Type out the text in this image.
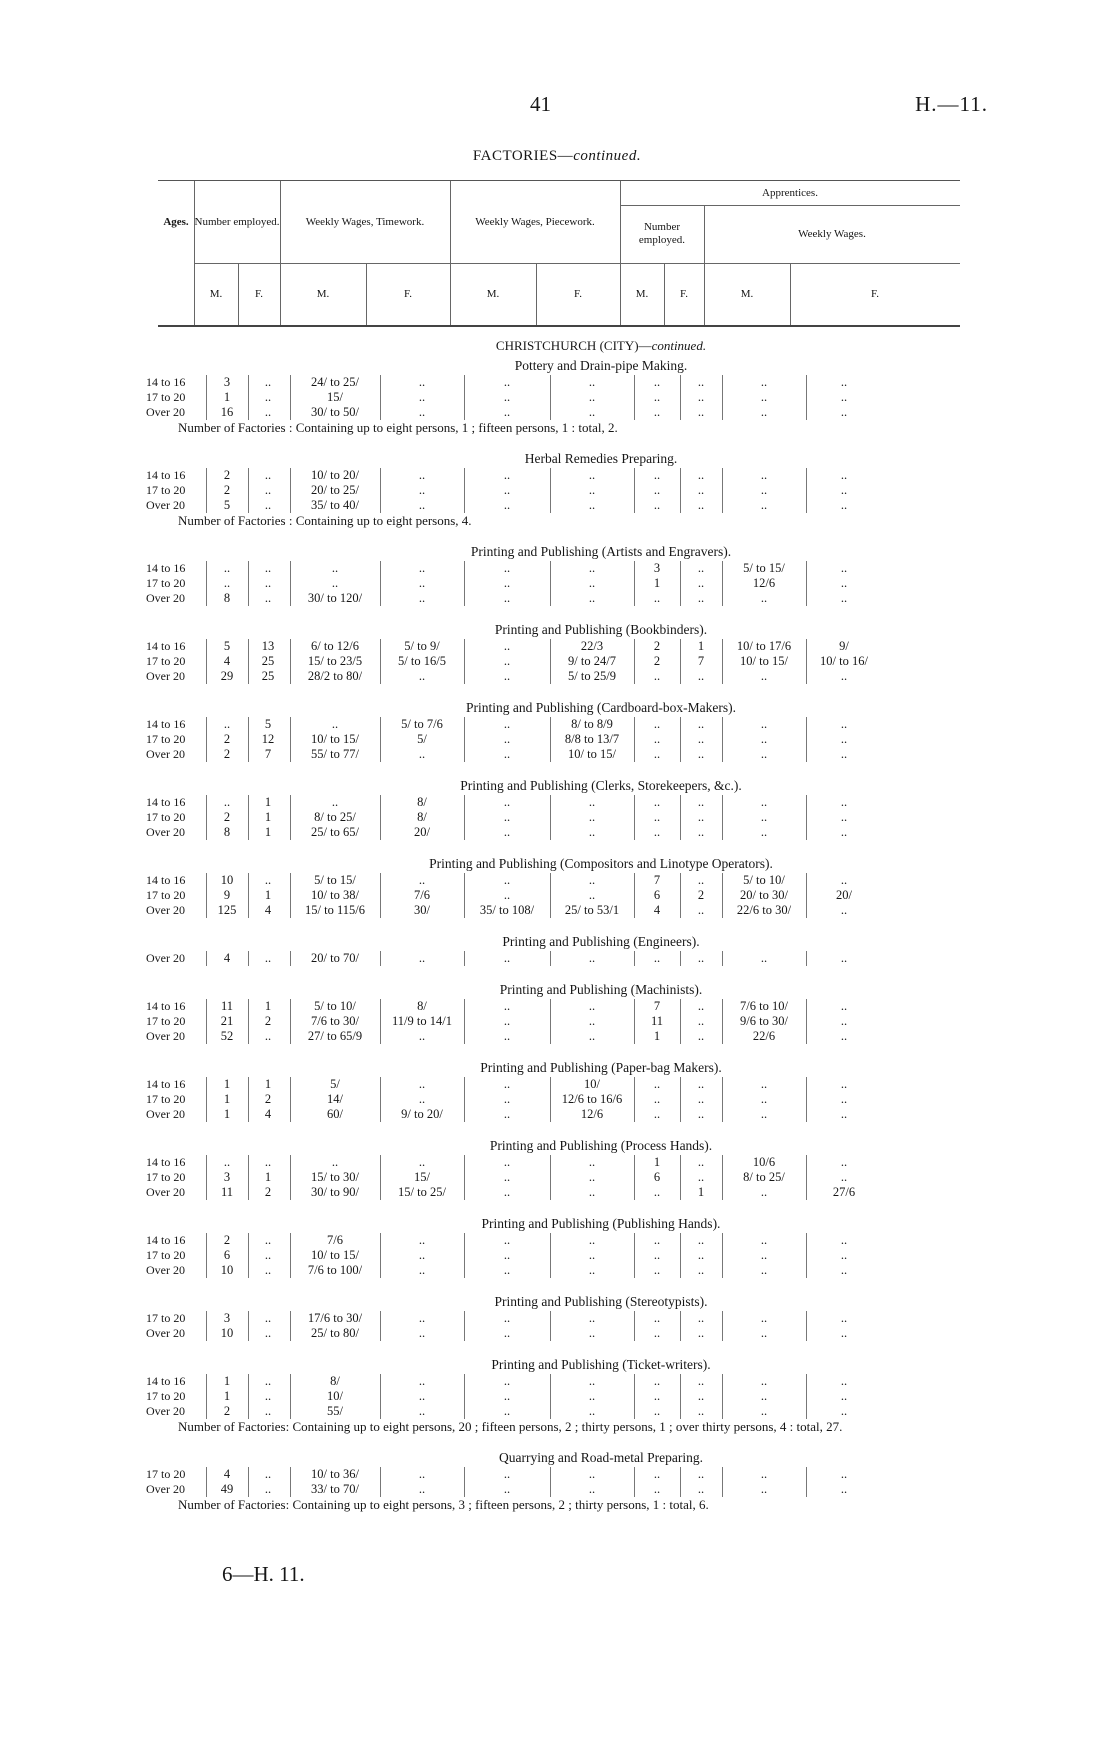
41	H.—11.
FACTORIES—continued.
Ages. Number employed.	Weekly Wages, Timework.	Weekly Wages, Piecework.
Apprentices.
Number employed.
Weekly Wages.
M.	F.	M.	F.	M.	F.	M.	F.	M.	F.
CHRISTCHURCH (CITY)—continued.
Pottery and Drain-pipe Making.
14 to 16	3	..	24/ to 25/	..	..	..	..	..	..	..
17 to 20	1	..	15/	..	..	..	..	..	..	..
Over 20	16	..	30/ to 50/	..	..	..	..	..	..	..
Number of Factories : Containing up to eight persons, 1 ; fifteen persons, 1 : total, 2.
Herbal Remedies Preparing.
14 to 16	2	..	10/ to 20/	..	..	..	..	..	..	..
17 to 20	2	..	20/ to 25/	..	..	..	..	..	..	..
Over 20	5	..	35/ to 40/	..	..	..	..	..	..	..
Number of Factories : Containing up to eight persons, 4.
Printing and Publishing (Artists and Engravers).
14 to 16	..	..	..	..	..	..	3	..	5/ to 15/	..
17 to 20	..	..	..	..	..	..	1	..	12/6	..
Over 20	8	..	30/ to 120/	..	..	..	..	..	..	..
Printing and Publishing (Bookbinders).
14 to 16	5	13	6/ to 12/6	5/ to 9/	..	22/3	2	1	10/ to 17/6	9/
17 to 20	4	25	15/ to 23/5	5/ to 16/5	..	9/ to 24/7	2	7	10/ to 15/	10/ to 16/
Over 20	29	25	28/2 to 80/	..	..	5/ to 25/9	..	..	..	..
Printing and Publishing (Cardboard-box-Makers).
14 to 16	..	5	..	5/ to 7/6	..	8/ to 8/9	..	..	..	..
17 to 20	2	12	10/ to 15/	5/	..	8/8 to 13/7	..	..	..	..
Over 20	2	7	55/ to 77/	..	..	10/ to 15/	..	..	..	..
Printing and Publishing (Clerks, Storekeepers, &c.).
14 to 16	..	1	..	8/	..	..	..	..	..	..
17 to 20	2	1	8/ to 25/	8/	..	..	..	..	..	..
Over 20	8	1	25/ to 65/	20/	..	..	..	..	..	..
Printing and Publishing (Compositors and Linotype Operators).
14 to 16	10	..	5/ to 15/	..	..	..	7	..	5/ to 10/	..
17 to 20	9	1	10/ to 38/	7/6	..	..	6	2	20/ to 30/	20/
Over 20	125	4	15/ to 115/6	30/	35/ to 108/	25/ to 53/1	4	..	22/6 to 30/	..
Printing and Publishing (Engineers).
Over 20	4	..	20/ to 70/	..	..	..	..	..	..	..
Printing and Publishing (Machinists).
14 to 16	11	1	5/ to 10/	8/	..	..	7	..	7/6 to 10/	..
17 to 20	21	2	7/6 to 30/	11/9 to 14/1	..	..	11	..	9/6 to 30/	..
Over 20	52	..	27/ to 65/9	..	..	..	1	..	22/6	..
Printing and Publishing (Paper-bag Makers).
14 to 16	1	1	5/	..	..	10/	..	..	..	..
17 to 20	1	2	14/	..	..	12/6 to 16/6	..	..	..	..
Over 20	1	4	60/	9/ to 20/	..	12/6	..	..	..	..
Printing and Publishing (Process Hands).
14 to 16	..	..	..	..	..	..	1	..	10/6	..
17 to 20	3	1	15/ to 30/	15/	..	..	6	..	8/ to 25/	..
Over 20	11	2	30/ to 90/	15/ to 25/	..	..	..	1	..	27/6
Printing and Publishing (Publishing Hands).
14 to 16	2	..	7/6	..	..	..	..	..	..	..
17 to 20	6	..	10/ to 15/	..	..	..	..	..	..	..
Over 20	10	..	7/6 to 100/	..	..	..	..	..	..	..
Printing and Publishing (Stereotypists).
17 to 20	3	..	17/6 to 30/	..	..	..	..	..	..	..
Over 20	10	..	25/ to 80/	..	..	..	..	..	..	..
Printing and Publishing (Ticket-writers).
14 to 16	1	..	8/	..	..	..	..	..	..	..
17 to 20	1	..	10/	..	..	..	..	..	..	..
Over 20	2	..	55/	..	..	..	..	..	..	..
Number of Factories: Containing up to eight persons, 20 ; fifteen persons, 2 ; thirty persons, 1 ; over thirty persons, 4 : total, 27.
Quarrying and Road-metal Preparing.
17 to 20	4	..	10/ to 36/	..	..	..	..	..	..	..
Over 20	49	..	33/ to 70/	..	..	..	..	..	..	..
Number of Factories: Containing up to eight persons, 3 ; fifteen persons, 2 ; thirty persons, 1 : total, 6.
6—H. 11.
